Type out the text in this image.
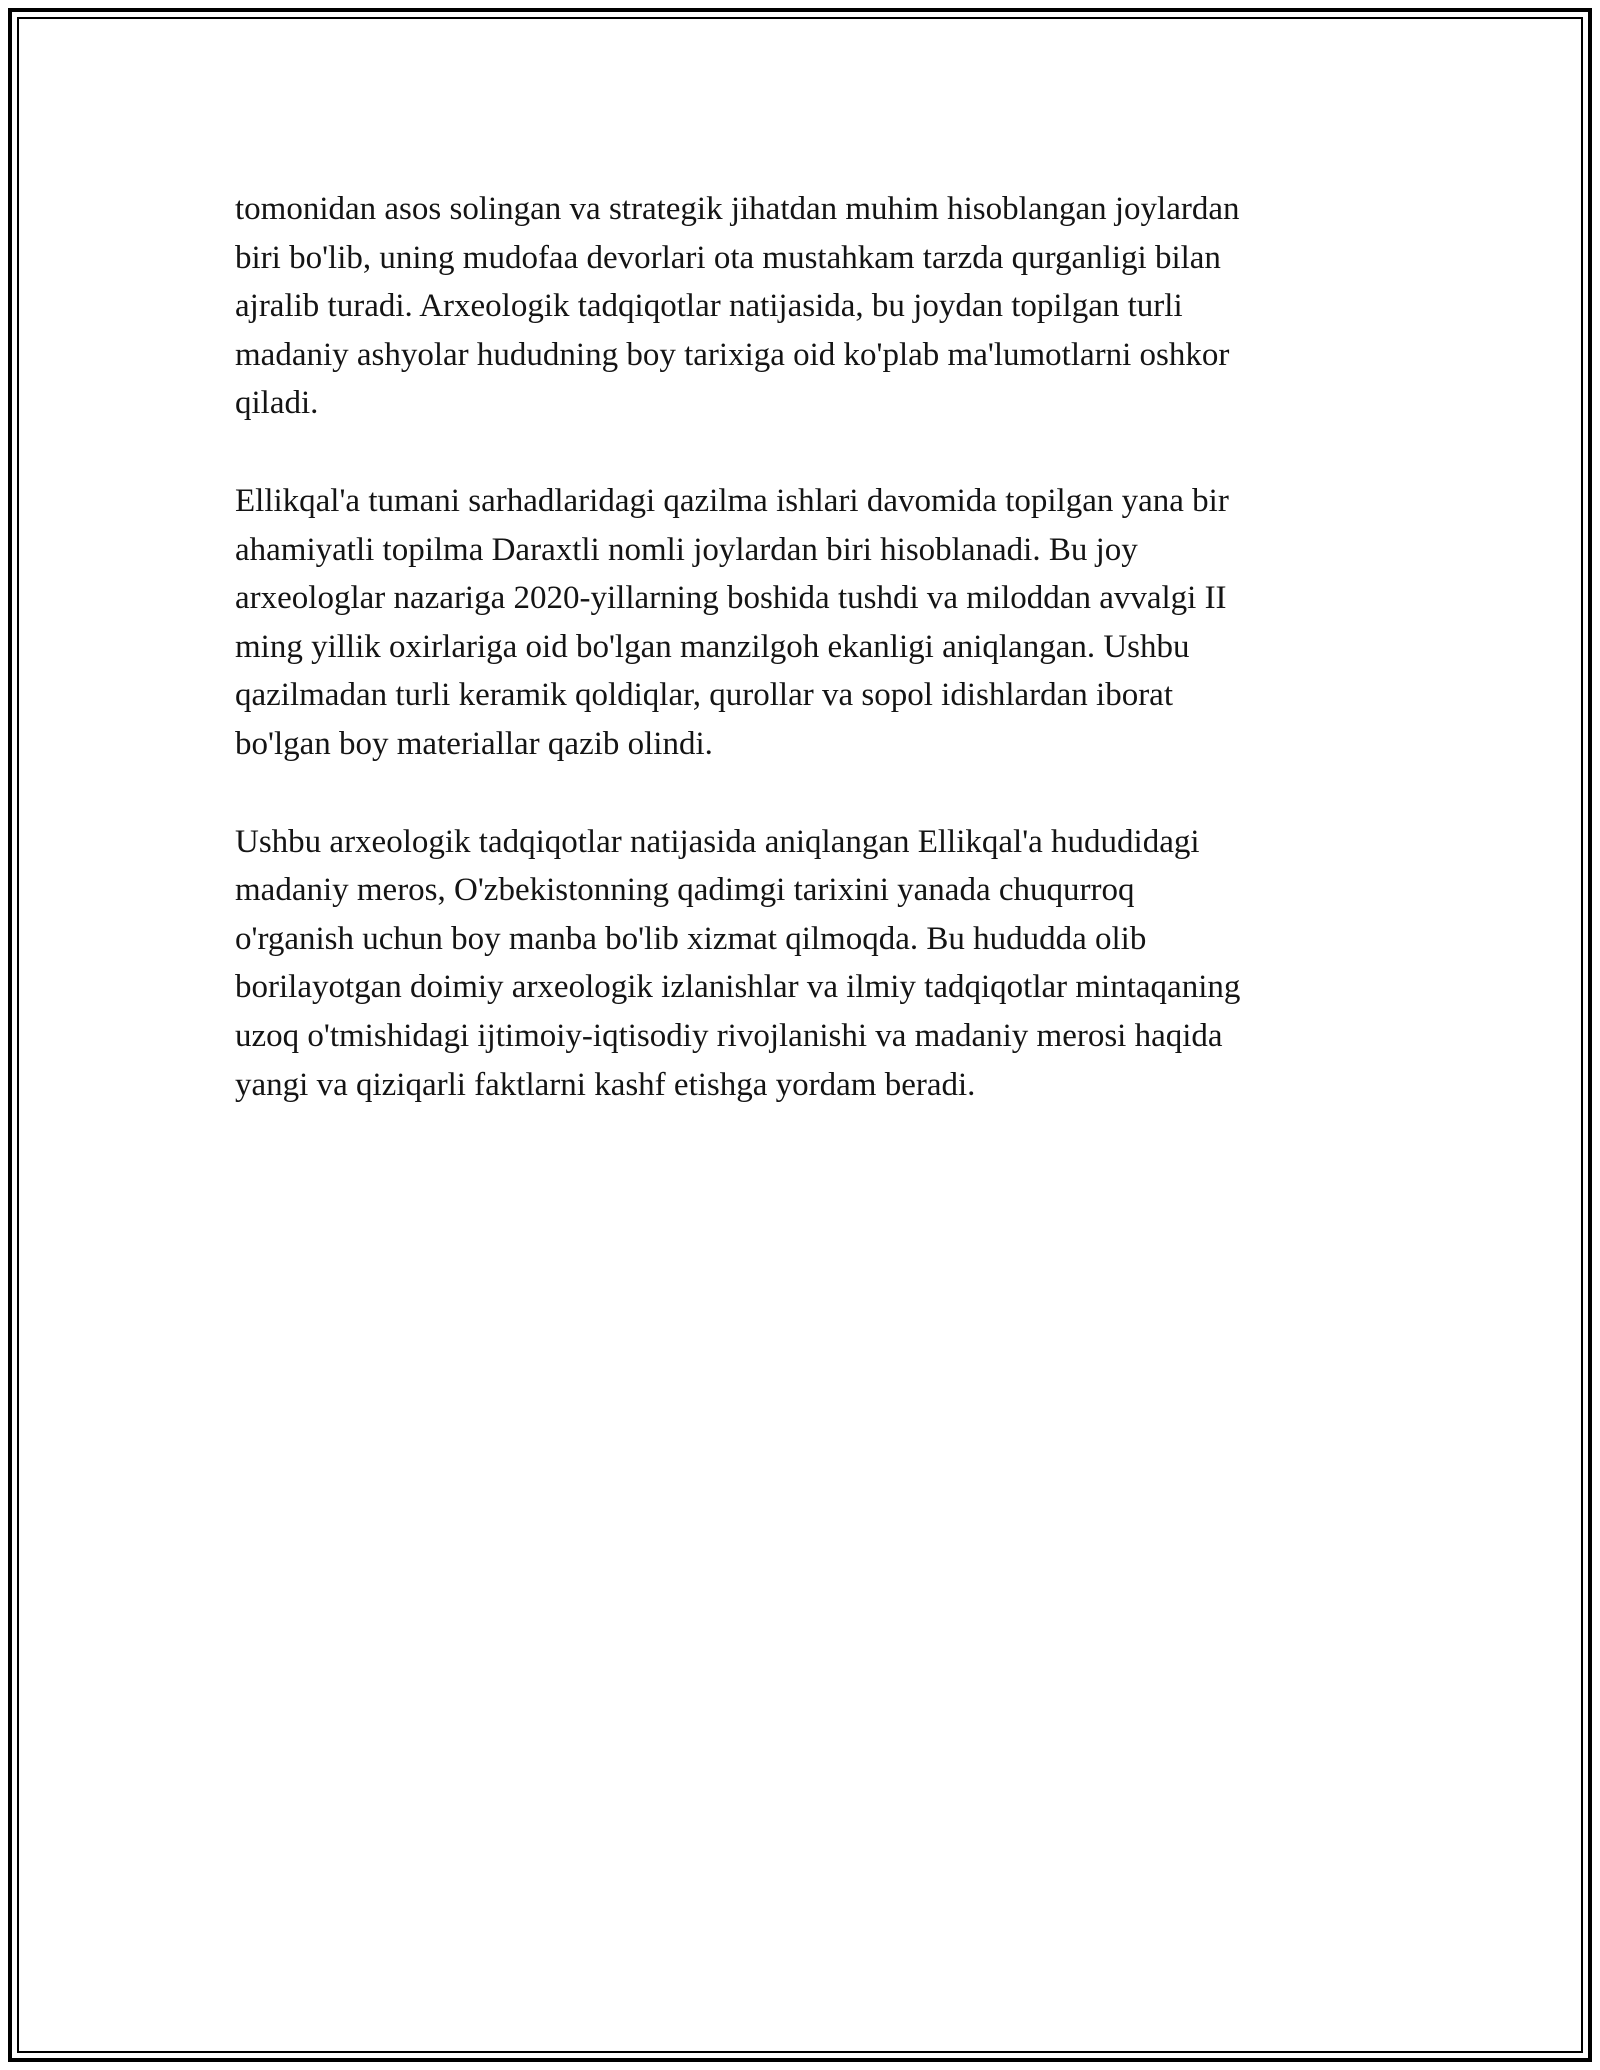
tomonidan asos solingan va strategik jihatdan muhim hisoblangan joylardan
biri bo'lib, uning mudofaa devorlari ota mustahkam tarzda qurganligi bilan
ajralib turadi. Arxeologik tadqiqotlar natijasida, bu joydan topilgan turli
madaniy ashyolar hududning boy tarixiga oid ko'plab ma'lumotlarni oshkor
qiladi.

Ellikqal'a tumani sarhadlaridagi qazilma ishlari davomida topilgan yana bir
ahamiyatli topilma Daraxtli nomli joylardan biri hisoblanadi. Bu joy
arxeologlar nazariga 2020-yillarning boshida tushdi va miloddan avvalgi II
ming yillik oxirlariga oid bo'lgan manzilgoh ekanligi aniqlangan. Ushbu
qazilmadan turli keramik qoldiqlar, qurollar va sopol idishlardan iborat
bo'lgan boy materiallar qazib olindi.

Ushbu arxeologik tadqiqotlar natijasida aniqlangan Ellikqal'a hududidagi
madaniy meros, O'zbekistonning qadimgi tarixini yanada chuqurroq
o'rganish uchun boy manba bo'lib xizmat qilmoqda. Bu hududda olib
borilayotgan doimiy arxeologik izlanishlar va ilmiy tadqiqotlar mintaqaning
uzoq o'tmishidagi ijtimoiy-iqtisodiy rivojlanishi va madaniy merosi haqida
yangi va qiziqarli faktlarni kashf etishga yordam beradi.
